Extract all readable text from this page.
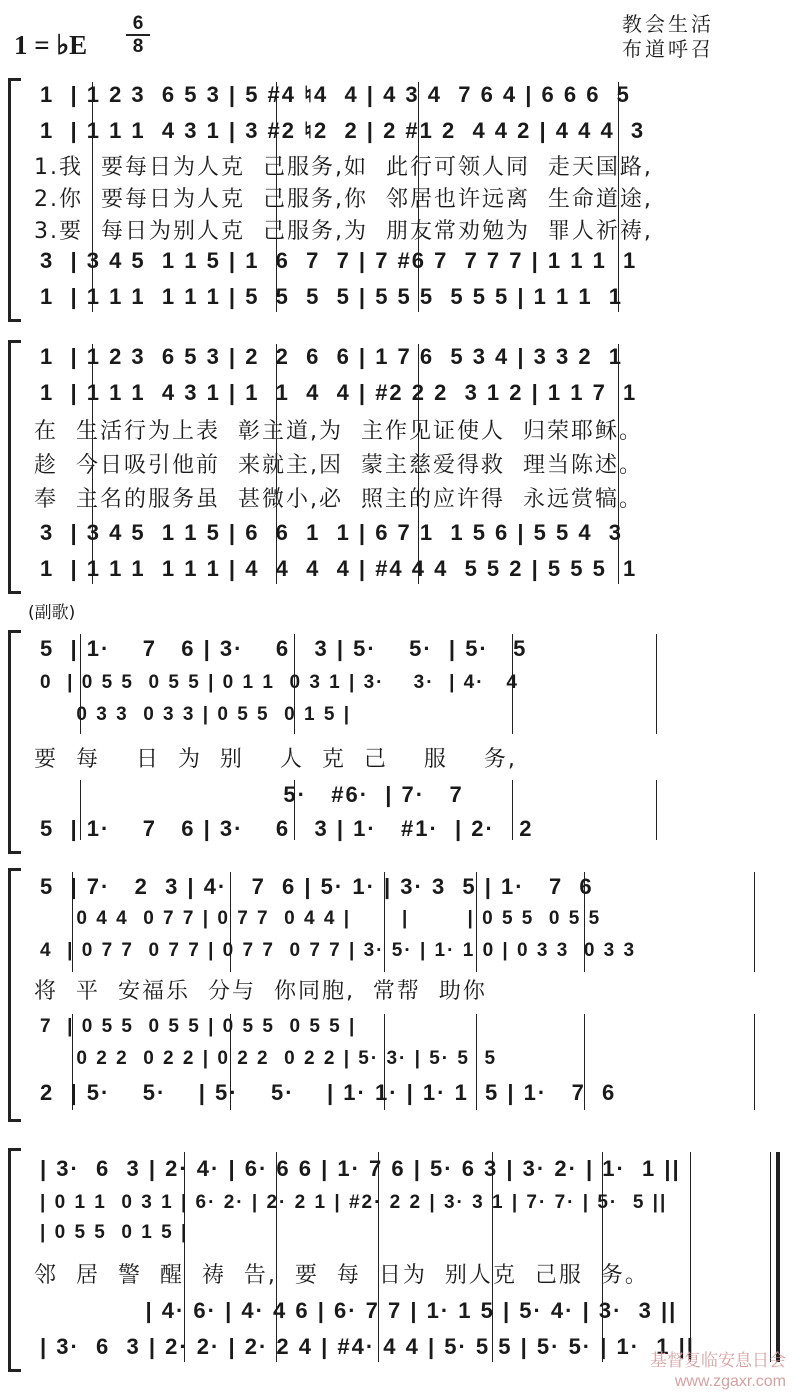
1 = ♭E
6
8
教会生活
布道呼召
1  | 1 2 3  6 5 3 | 5 #4 ♮4  4 | 4 3 4  7 6 4 | 6 6 6  5
1  | 1 1 1  4 3 1 | 3 #2 ♮2  2 | 2 #1 2  4 4 2 | 4 4 4  3
1.我  要每日为人克  己服务,如  此行可领人同  走天国路,
2.你  要每日为人克  己服务,你  邻居也许远离  生命道途,
3.要  每日为别人克  己服务,为  朋友常劝勉为  罪人祈祷,
3  | 3 4 5  1 1 5 | 1  6  7  7 | 7 #6 7  7 7 7 | 1 1 1  1
1  | 1 1 1  1 1 1 | 5  5  5  5 | 5 5 5  5 5 5 | 1 1 1  1
1  | 1 2 3  6 5 3 | 2  2  6  6 | 1 7 6  5 3 4 | 3 3 2  1
1  | 1 1 1  4 3 1 | 1  1  4  4 | #2 2 2  3 1 2 | 1 1 7  1
在  生活行为上表  彰主道,为  主作见证使人  归荣耶稣。
趁  今日吸引他前  来就主,因  蒙主慈爱得救  理当陈述。
奉  主名的服务虽  甚微小,必  照主的应许得  永远赏犒。
3  | 3 4 5  1 1 5 | 6  6  1  1 | 6 7 1  1 5 6 | 5 5 4  3
1  | 1 1 1  1 1 1 | 4  4  4  4 | #4 4 4  5 5 2 | 5 5 5  1
(副歌)
5  | 1·    7   6 | 3·    6   3 | 5·    5·  | 5·   5
0  | 0 5 5  0 5 5 | 0 1 1  0 3 1 | 3·    3·  | 4·   4
0 3 3  0 3 3 | 0 5 5  0 1 5 |
要  每    日  为  别    人  克  己    服    务,
5·   #6·  | 7·   7
5  | 1·    7   6 | 3·    6   3 | 1·   #1·  | 2·   2
5  | 7·   2  3 | 4·   7  6 | 5· 1· | 3· 3  5 | 1·   7  6
0 4 4  0 7 7 | 0 7 7  0 4 4 |       |        | 0 5 5  0 5 5
4  | 0 7 7  0 7 7 | 0 7 7  0 7 7 | 3· 5· | 1· 1 0 | 0 3 3  0 3 3
将  平  安福乐  分与  你同胞,  常帮  助你
7  | 0 5 5  0 5 5 | 0 5 5  0 5 5 |
0 2 2  0 2 2 | 0 2 2  0 2 2 | 5· 3· | 5· 5  5
2  | 5·    5·    | 5·    5·    | 1· 1· | 1· 1  5 | 1·   7  6
| 3·  6  3 | 2· 4· | 6· 6 6 | 1· 7 6 | 5· 6 3 | 3· 2· | 1·  1 ||
| 0 1 1  0 3 1 | 6· 2· | 2· 2 1 | #2· 2 2 | 3· 3 1 | 7· 7· | 5·  5 ||
| 0 5 5  0 1 5 |
邻  居  警  醒  祷  告,  要  每  日为  别人克  己服  务。
| 4· 6· | 4· 4 6 | 6· 7 7 | 1· 1 5 | 5· 4· | 3·  3 ||
| 3·  6  3 | 2· 2· | 2· 2 4 | #4· 4 4 | 5· 5 5 | 5· 5· | 1·  1 ||
基督复临安息日会
www.zgaxr.com
